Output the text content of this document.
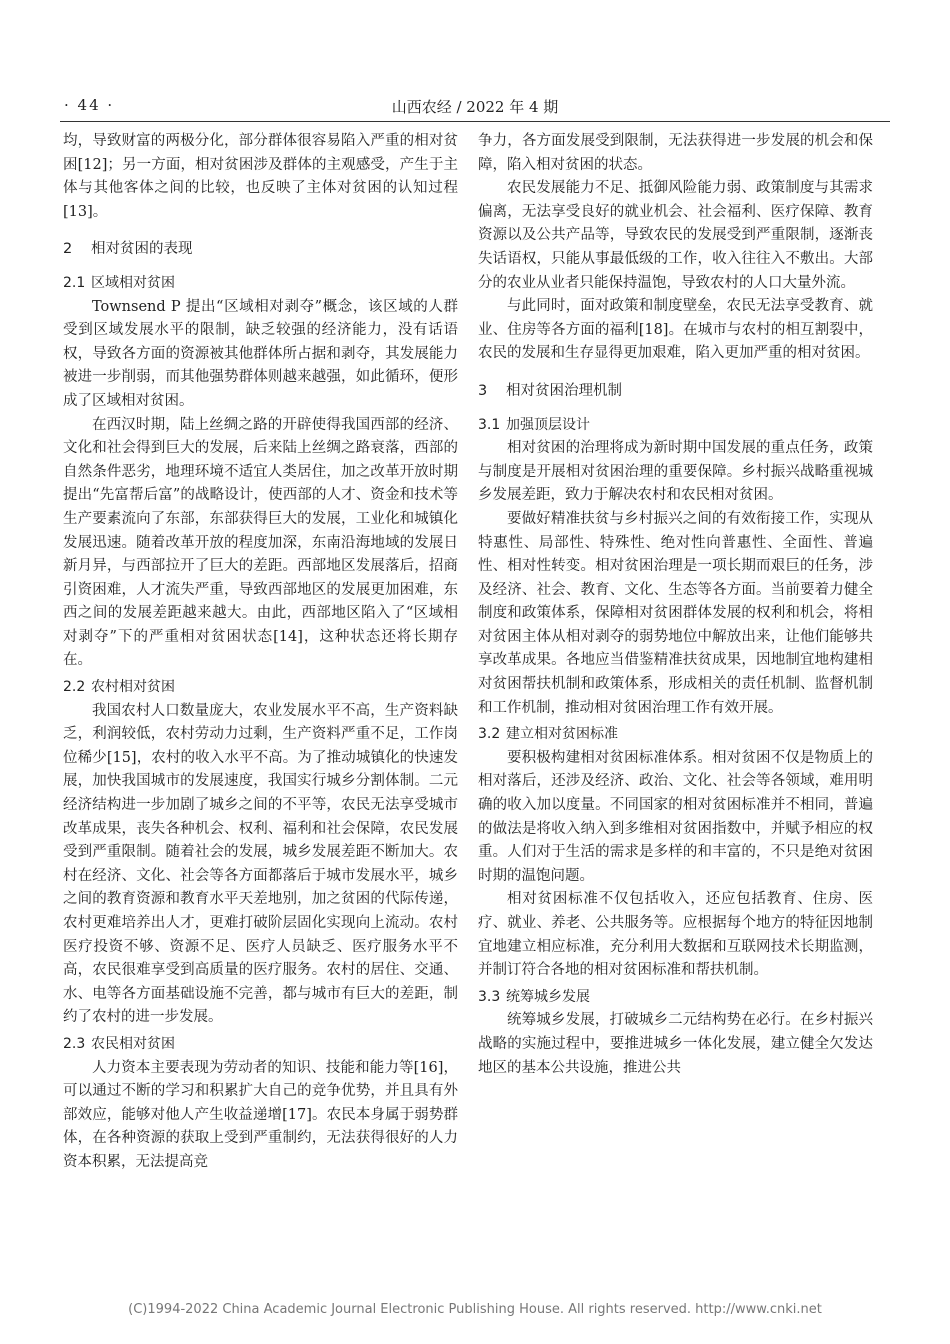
· 44 ·	山西农经 / 2022 年 4 期

均，导致财富的两极分化，部分群体很容易陷入严重的相对贫困[12]；另一方面，相对贫困涉及群体的主观感受，产生于主体与其他客体之间的比较，也反映了主体对贫困的认知过程[13]。

2 相对贫困的表现
2.1 区域相对贫困

Townsend P 提出“区域相对剥夺”概念，该区域的人群受到区域发展水平的限制，缺乏较强的经济能力，没有话语权，导致各方面的资源被其他群体所占据和剥夺，其发展能力被进一步削弱，而其他强势群体则越来越强，如此循环，便形成了区域相对贫困。

在西汉时期，陆上丝绸之路的开辟使得我国西部的经济、文化和社会得到巨大的发展，后来陆上丝绸之路衰落，西部的自然条件恶劣，地理环境不适宜人类居住，加之改革开放时期提出“先富帮后富”的战略设计，使西部的人才、资金和技术等生产要素流向了东部，东部获得巨大的发展，工业化和城镇化发展迅速。随着改革开放的程度加深，东南沿海地域的发展日新月异，与西部拉开了巨大的差距。西部地区发展落后，招商引资困难，人才流失严重，导致西部地区的发展更加困难，东西之间的发展差距越来越大。由此，西部地区陷入了“区域相对剥夺”下的严重相对贫困状态[14]，这种状态还将长期存在。

2.2 农村相对贫困

我国农村人口数量庞大，农业发展水平不高，生产资料缺乏，利润较低，农村劳动力过剩，生产资料严重不足，工作岗位稀少[15]，农村的收入水平不高。为了推动城镇化的快速发展，加快我国城市的发展速度，我国实行城乡分割体制。二元经济结构进一步加剧了城乡之间的不平等，农民无法享受城市改革成果，丧失各种机会、权利、福利和社会保障，农民发展受到严重限制。随着社会的发展，城乡发展差距不断加大。农村在经济、文化、社会等各方面都落后于城市发展水平，城乡之间的教育资源和教育水平天差地别，加之贫困的代际传递，农村更难培养出人才，更难打破阶层固化实现向上流动。农村医疗投资不够、资源不足、医疗人员缺乏、医疗服务水平不高，农民很难享受到高质量的医疗服务。农村的居住、交通、水、电等各方面基础设施不完善，都与城市有巨大的差距，制约了农村的进一步发展。

2.3 农民相对贫困

人力资本主要表现为劳动者的知识、技能和能力等[16]，可以通过不断的学习和积累扩大自己的竞争优势，并且具有外部效应，能够对他人产生收益递增[17]。农民本身属于弱势群体，在各种资源的获取上受到严重制约，无法获得很好的人力资本积累，无法提高竞

争力，各方面发展受到限制，无法获得进一步发展的机会和保障，陷入相对贫困的状态。

农民发展能力不足、抵御风险能力弱、政策制度与其需求偏离，无法享受良好的就业机会、社会福利、医疗保障、教育资源以及公共产品等，导致农民的发展受到严重限制，逐渐丧失话语权，只能从事最低级的工作，收入往往入不敷出。大部分的农业从业者只能保持温饱，导致农村的人口大量外流。

与此同时，面对政策和制度壁垒，农民无法享受教育、就业、住房等各方面的福利[18]。在城市与农村的相互割裂中，农民的发展和生存显得更加艰难，陷入更加严重的相对贫困。

3 相对贫困治理机制
3.1 加强顶层设计

相对贫困的治理将成为新时期中国发展的重点任务，政策与制度是开展相对贫困治理的重要保障。乡村振兴战略重视城乡发展差距，致力于解决农村和农民相对贫困。

要做好精准扶贫与乡村振兴之间的有效衔接工作，实现从特惠性、局部性、特殊性、绝对性向普惠性、全面性、普遍性、相对性转变。相对贫困治理是一项长期而艰巨的任务，涉及经济、社会、教育、文化、生态等各方面。当前要着力健全制度和政策体系，保障相对贫困群体发展的权利和机会，将相对贫困主体从相对剥夺的弱势地位中解放出来，让他们能够共享改革成果。各地应当借鉴精准扶贫成果，因地制宜地构建相对贫困帮扶机制和政策体系，形成相关的责任机制、监督机制和工作机制，推动相对贫困治理工作有效开展。

3.2 建立相对贫困标准

要积极构建相对贫困标准体系。相对贫困不仅是物质上的相对落后，还涉及经济、政治、文化、社会等各领域，难用明确的收入加以度量。不同国家的相对贫困标准并不相同，普遍的做法是将收入纳入到多维相对贫困指数中，并赋予相应的权重。人们对于生活的需求是多样的和丰富的，不只是绝对贫困时期的温饱问题。

相对贫困标准不仅包括收入，还应包括教育、住房、医疗、就业、养老、公共服务等。应根据每个地方的特征因地制宜地建立相应标准，充分利用大数据和互联网技术长期监测，并制订符合各地的相对贫困标准和帮扶机制。

3.3 统筹城乡发展

统筹城乡发展，打破城乡二元结构势在必行。在乡村振兴战略的实施过程中，要推进城乡一体化发展，建立健全欠发达地区的基本公共设施，推进公共

(C)1994-2022 China Academic Journal Electronic Publishing House. All rights reserved. http://www.cnki.net
